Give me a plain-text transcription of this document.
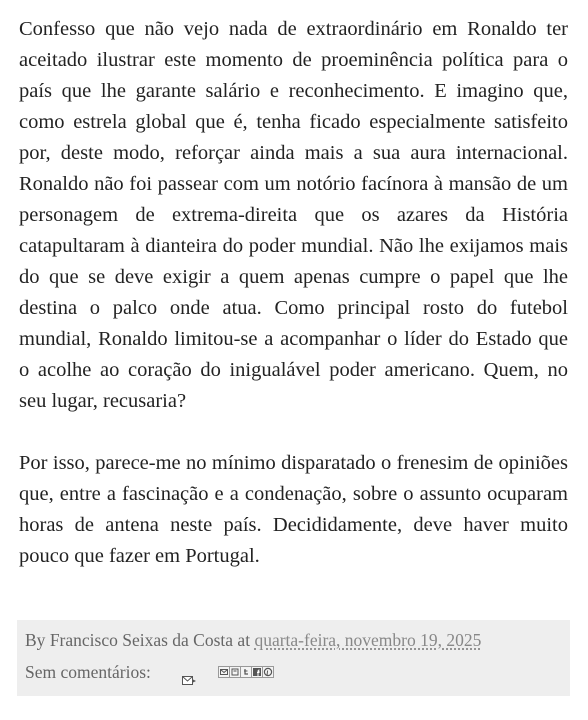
Confesso que não vejo nada de extraordinário em Ronaldo ter aceitado ilustrar este momento de proeminência política para o país que lhe garante salário e reconhecimento. E imagino que, como estrela global que é, tenha ficado especialmente satisfeito por, deste modo, reforçar ainda mais a sua aura internacional. Ronaldo não foi passear com um notório facínora à mansão de um personagem de extrema-direita que os azares da História catapultaram à dianteira do poder mundial. Não lhe exijamos mais do que se deve exigir a quem apenas cumpre o papel que lhe destina o palco onde atua. Como principal rosto do futebol mundial, Ronaldo limitou-se a acompanhar o líder do Estado que o acolhe ao coração do inigualável poder americano. Quem, no seu lugar, recusaria?

Por isso, parece-me no mínimo disparatado o frenesim de opiniões que, entre a fascinação e a condenação, sobre o assunto ocuparam horas de antena neste país. Decididamente, deve haver muito pouco que fazer em Portugal.

By Francisco Seixas da Costa at quarta-feira, novembro 19, 2025
Sem comentários:
